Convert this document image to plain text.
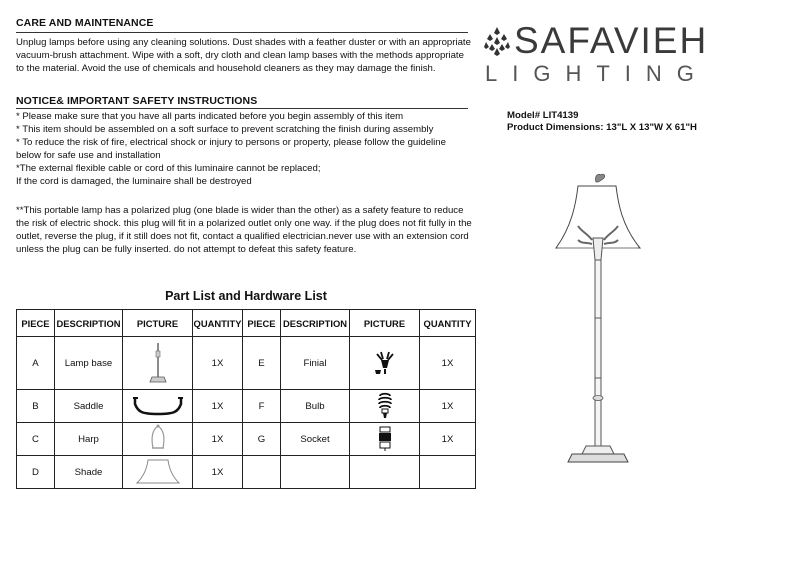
CARE AND MAINTENANCE
Unplug lamps before using any cleaning solutions. Dust shades with a feather duster or with an appropriate
vacuum-brush attachment. Wipe with a soft, dry cloth and clean lamp bases with the methods appropriate
to the material. Avoid the use of chemicals and household cleaners as they may damage the finish.
NOTICE& IMPORTANT SAFETY INSTRUCTIONS
* Please make sure that you have all parts indicated before you begin assembly of this item
* This item should be assembled on a soft surface to prevent scratching the finish during assembly
* To reduce the risk of fire, electrical shock or injury to persons or property, please follow the guideline
below for safe use and installation
*The external flexible cable or cord of this luminaire cannot be replaced;
If the cord is damaged, the luminaire shall be destroyed
**This portable lamp has a polarized plug (one blade is wider than the other) as a safety feature to reduce
the risk of electric shock. this plug will fit in a polarized outlet only one way. if the plug does not fit fully in the
outlet, reverse the plug, if it still does not fit, contact a qualified electrician.never use with an extension cord
unless the plug can be fully inserted. do not attempt to defeat this safety feature.
SAFAVIEH
LIGHTING
Model# LIT4139
Product Dimensions: 13"L X 13"W X 61"H
Part List and Hardware List
PIECE	DESCRIPTION	PICTURE	QUANTITY	PIECE	DESCRIPTION	PICTURE	QUANTITY
A	Lamp base		1X	E	Finial		1X
B	Saddle		1X	F	Bulb		1X
C	Harp		1X	G	Socket		1X
D	Shade		1X				
